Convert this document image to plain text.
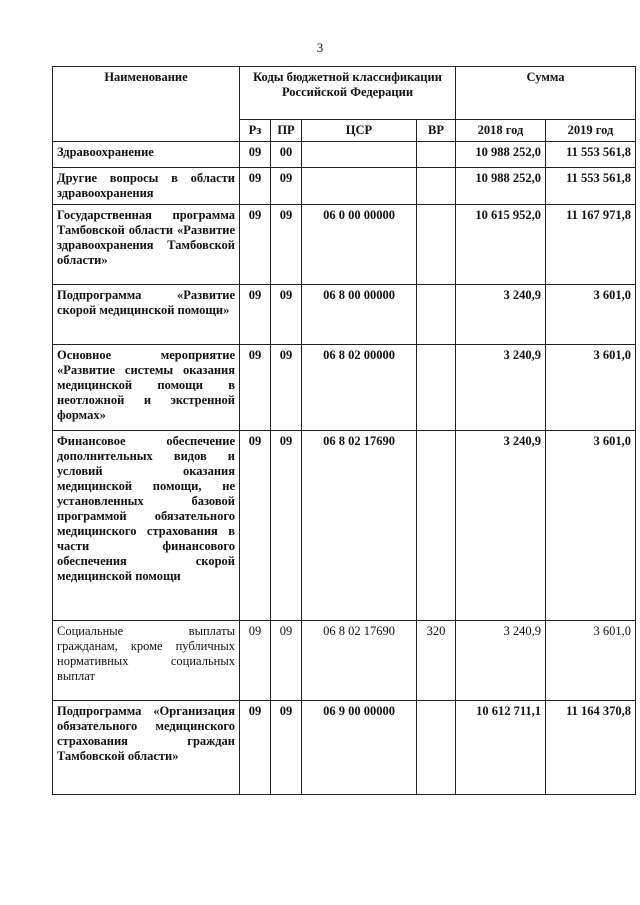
3
Наименование	Коды бюджетной классификации Российской Федерации				Сумма	
	Рз	ПР	ЦСР	ВР	2018 год	2019 год
Здравоохранение	09	00			10 988 252,0	11 553 561,8
Другие вопросы в области здравоохранения	09	09			10 988 252,0	11 553 561,8
Государственная программа Тамбовской области «Развитие здравоохранения Тамбовской области»	09	09	06 0 00 00000		10 615 952,0	11 167 971,8
Подпрограмма «Развитие скорой медицинской помощи»	09	09	06 8 00 00000		3 240,9	3 601,0
Основное мероприятие «Развитие системы оказания медицинской помощи в неотложной и экстренной формах»	09	09	06 8 02 00000		3 240,9	3 601,0
Финансовое обеспечение дополнительных видов и условий оказания медицинской помощи, не установленных базовой программой обязательного медицинского страхования в части финансового обеспечения скорой медицинской помощи	09	09	06 8 02 17690		3 240,9	3 601,0
Социальные выплаты гражданам, кроме публичных нормативных социальных выплат	09	09	06 8 02 17690	320	3 240,9	3 601,0
Подпрограмма «Организация обязательного медицинского страхования граждан Тамбовской области»	09	09	06 9 00 00000		10 612 711,1	11 164 370,8
